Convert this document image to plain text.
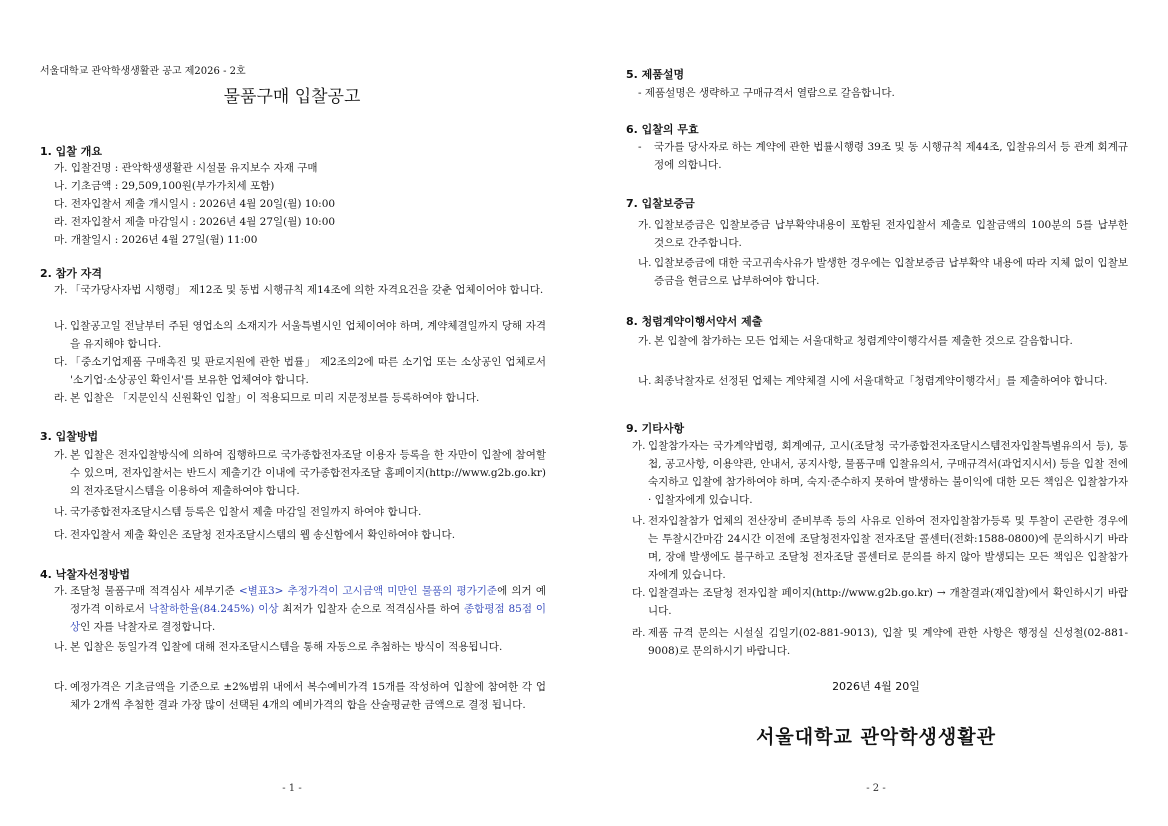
서울대학교 관악학생생활관 공고 제2026 - 2호
물품구매 입찰공고
1. 입찰 개요
가. 입찰건명 : 관악학생생활관 시설물 유지보수 자재 구매
나. 기초금액 : 29,509,100원(부가가치세 포함)
다. 전자입찰서 제출 개시일시 : 2026년 4월 20일(월) 10:00
라. 전자입찰서 제출 마감일시 : 2026년 4월 27일(월) 10:00
마. 개찰일시 : 2026년 4월 27일(월) 11:00
2. 참가 자격
가. 「국가당사자법 시행령」 제12조 및 동법 시행규칙 제14조에 의한 자격요건을 갖춘 업체이어야 합니다.
나. 입찰공고일 전날부터 주된 영업소의 소재지가 서울특별시인 업체이여야 하며, 계약체결일까지 당해 자격을 유지해야 합니다.
다. 「중소기업제품 구매촉진 및 판로지원에 관한 법률」 제2조의2에 따른 소기업 또는 소상공인 업체로서 '소기업·소상공인 확인서'를 보유한 업체여야 합니다.
라. 본 입찰은 「지문인식 신원확인 입찰」이 적용되므로 미리 지문정보를 등록하여야 합니다.
3. 입찰방법
가. 본 입찰은 전자입찰방식에 의하여 집행하므로 국가종합전자조달 이용자 등록을 한 자만이 입찰에 참여할 수 있으며, 전자입찰서는 반드시 제출기간 이내에 국가종합전자조달 홈페이지(http://www.g2b.go.kr)의 전자조달시스템을 이용하여 제출하여야 합니다.
나. 국가종합전자조달시스템 등록은 입찰서 제출 마감일 전일까지 하여야 합니다.
다. 전자입찰서 제출 확인은 조달청 전자조달시스템의 웹 송신함에서 확인하여야 합니다.
4. 낙찰자선정방법
가. 조달청 물품구매 적격심사 세부기준 <별표3> 추정가격이 고시금액 미만인 물품의 평가기준에 의거 예정가격 이하로서 낙찰하한율(84.245%) 이상 최저가 입찰자 순으로 적격심사를 하여 종합평점 85점 이상인 자를 낙찰자로 결정합니다.
나. 본 입찰은 동일가격 입찰에 대해 전자조달시스템을 통해 자동으로 추첨하는 방식이 적용됩니다.
다. 예정가격은 기초금액을 기준으로 ±2%범위 내에서 복수예비가격 15개를 작성하여 입찰에 참여한 각 업체가 2개씩 추첨한 결과 가장 많이 선택된 4개의 예비가격의 합을 산술평균한 금액으로 결정 됩니다.
- 1 -
5. 제품설명
- 제품설명은 생략하고 구매규격서 열람으로 갈음합니다.
6. 입찰의 무효
- 국가를 당사자로 하는 계약에 관한 법률시행령 39조 및 동 시행규칙 제44조, 입찰유의서 등 관계 회계규정에 의합니다.
7. 입찰보증금
가. 입찰보증금은 입찰보증금 납부확약내용이 포함된 전자입찰서 제출로 입찰금액의 100분의 5를 납부한 것으로 간주합니다.
나. 입찰보증금에 대한 국고귀속사유가 발생한 경우에는 입찰보증금 납부확약 내용에 따라 지체 없이 입찰보증금을 현금으로 납부하여야 합니다.
8. 청렴계약이행서약서 제출
가. 본 입찰에 참가하는 모든 업체는 서울대학교 청렴계약이행각서를 제출한 것으로 갈음합니다.
나. 최종낙찰자로 선정된 업체는 계약체결 시에 서울대학교「청렴계약이행각서」를 제출하여야 합니다.
9. 기타사항
가. 입찰참가자는 국가계약법령, 회계예규, 고시(조달청 국가종합전자조달시스템전자입찰특별유의서 등), 통첩, 공고사항, 이용약관, 안내서, 공지사항, 물품구매 입찰유의서, 구매규격서(과업지시서) 등을 입찰 전에 숙지하고 입찰에 참가하여야 하며, 숙지·준수하지 못하여 발생하는 불이익에 대한 모든 책임은 입찰참가자 · 입찰자에게 있습니다.
나. 전자입찰참가 업체의 전산장비 준비부족 등의 사유로 인하여 전자입찰참가등록 및 투찰이 곤란한 경우에는 투찰시간마감 24시간 이전에 조달청전자입찰 전자조달 콜센터(전화:1588-0800)에 문의하시기 바라며, 장애 발생에도 불구하고 조달청 전자조달 콜센터로 문의를 하지 않아 발생되는 모든 책임은 입찰참가자에게 있습니다.
다. 입찰결과는 조달청 전자입찰 페이지(http://www.g2b.go.kr) → 개찰결과(재입찰)에서 확인하시기 바랍니다.
라. 제품 규격 문의는 시설실 김일기(02-881-9013), 입찰 및 계약에 관한 사항은 행정실 신성철(02-881-9008)로 문의하시기 바랍니다.
2026년 4월 20일
서울대학교 관악학생생활관
- 2 -
